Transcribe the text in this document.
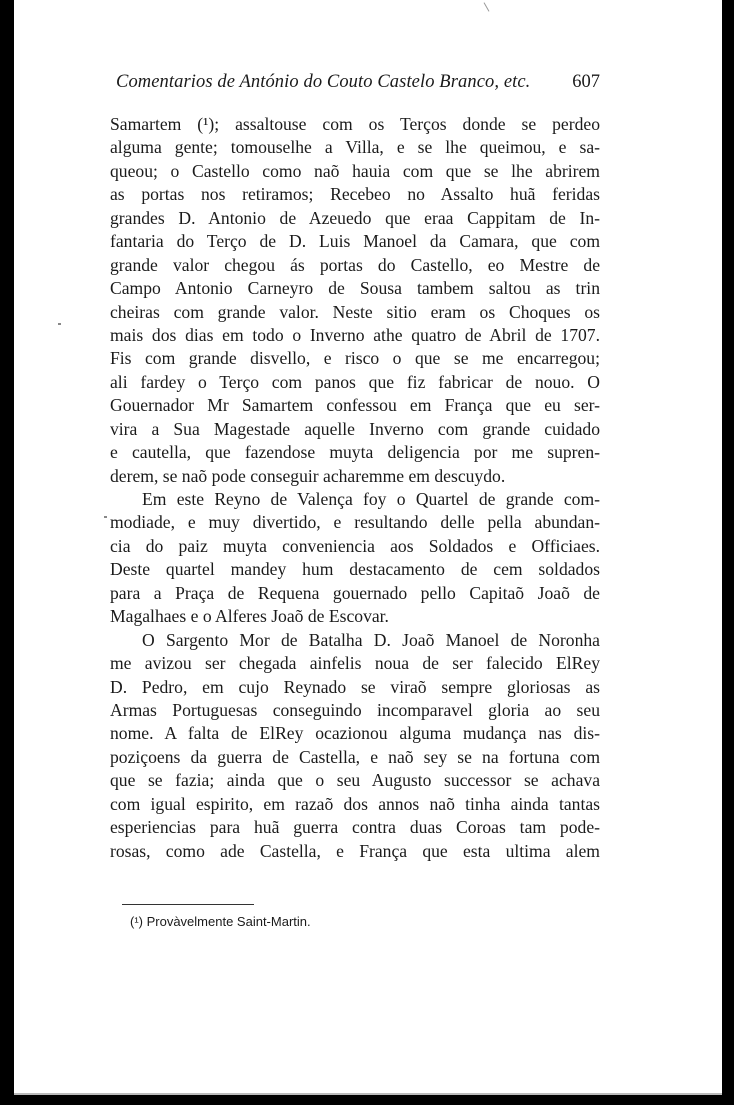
Comentarios de António do Couto Castelo Branco, etc. 607
Samartem (¹); assaltouse com os Terços donde se perdeo
alguma gente; tomouselhe a Villa, e se lhe queimou, e sa-
queou; o Castello como naõ hauia com que se lhe abrirem
as portas nos retiramos; Recebeo no Assalto huã feridas
grandes D. Antonio de Azeuedo que eraa Cappitam de In-
fantaria do Terço de D. Luis Manoel da Camara, que com
grande valor chegou ás portas do Castello, eo Mestre de
Campo Antonio Carneyro de Sousa tambem saltou as trin
cheiras com grande valor. Neste sitio eram os Choques os
mais dos dias em todo o Inverno athe quatro de Abril de 1707.
Fis com grande disvello, e risco o que se me encarregou;
ali fardey o Terço com panos que fiz fabricar de nouo. O
Gouernador Mr Samartem confessou em França que eu ser-
vira a Sua Magestade aquelle Inverno com grande cuidado
e cautella, que fazendose muyta deligencia por me supren-
derem, se naõ pode conseguir acharemme em descuydo.
Em este Reyno de Valença foy o Quartel de grande com-
modiade, e muy divertido, e resultando delle pella abundan-
cia do paiz muyta conveniencia aos Soldados e Officiaes.
Deste quartel mandey hum destacamento de cem soldados
para a Praça de Requena gouernado pello Capitaõ Joaõ de
Magalhaes e o Alferes Joaõ de Escovar.
O Sargento Mor de Batalha D. Joaõ Manoel de Noronha
me avizou ser chegada ainfelis noua de ser falecido ElRey
D. Pedro, em cujo Reynado se viraõ sempre gloriosas as
Armas Portuguesas conseguindo incomparavel gloria ao seu
nome. A falta de ElRey ocazionou alguma mudança nas dis-
poziçoens da guerra de Castella, e naõ sey se na fortuna com
que se fazia; ainda que o seu Augusto successor se achava
com igual espirito, em razaõ dos annos naõ tinha ainda tantas
esperiencias para huã guerra contra duas Coroas tam pode-
rosas, como ade Castella, e França que esta ultima alem
(¹) Provàvelmente Saint-Martin.
